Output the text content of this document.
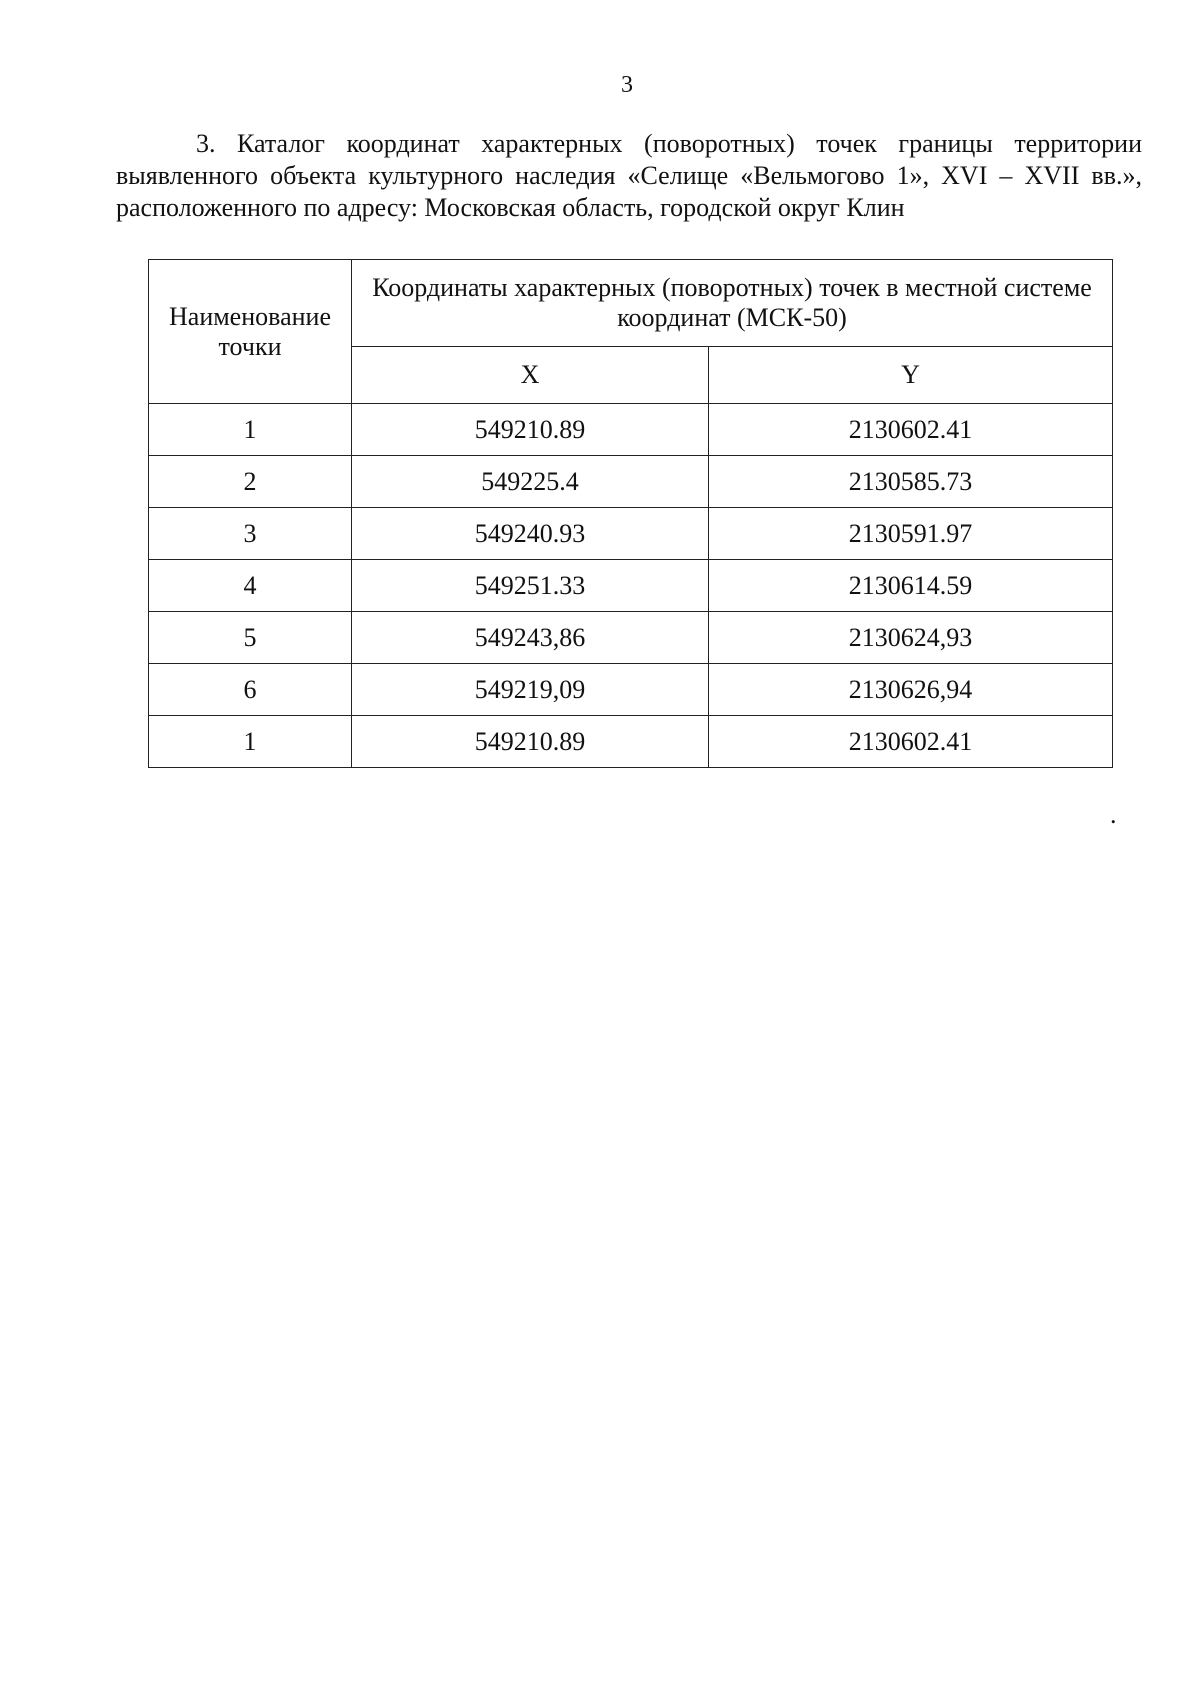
3
3. Каталог координат характерных (поворотных) точек границы территории выявленного объекта культурного наследия «Селище «Вельмогово 1», XVI – XVII вв.», расположенного по адресу: Московская область, городской округ Клин
Наименование точки	Координаты характерных (поворотных) точек в местной системе координат (МСК-50)	
	X	Y
1	549210.89	2130602.41
2	549225.4	2130585.73
3	549240.93	2130591.97
4	549251.33	2130614.59
5	549243,86	2130624,93
6	549219,09	2130626,94
1	549210.89	2130602.41
.
